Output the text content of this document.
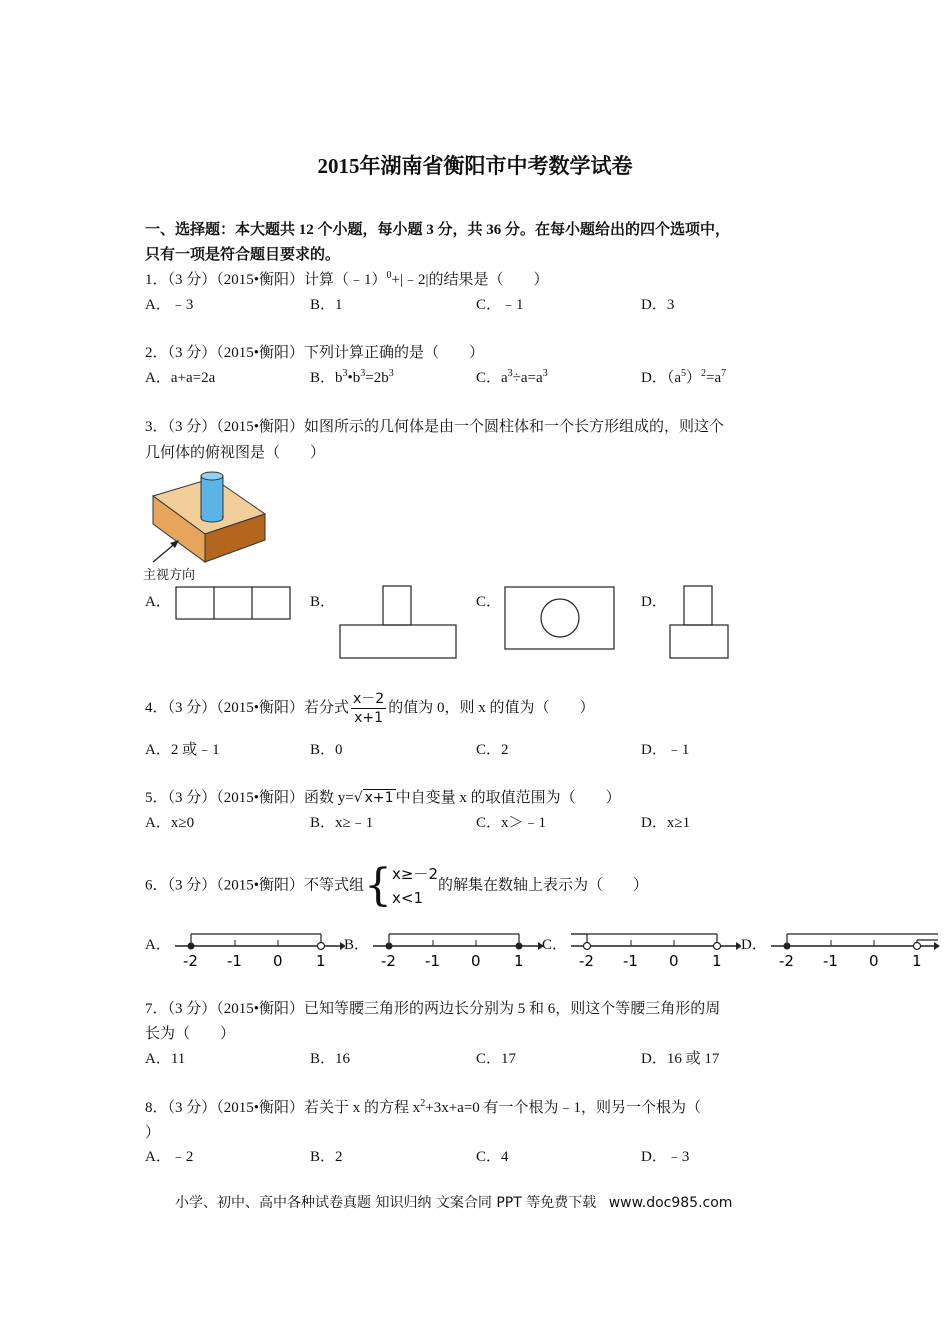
2015年湖南省衡阳市中考数学试卷
一、选择题：本大题共 12 个小题，每小题 3 分，共 36 分。在每小题给出的四个选项中，
只有一项是符合题目要求的。
1．（3 分）（2015•衡阳）计算（﹣1）$^0$+|﹣2|的结果是（　　）
A．﹣3	B．1	C．﹣1	D．3
2．（3 分）（2015•衡阳）下列计算正确的是（　　）
A．a+a=2a	B．$b^3•b^3=2b^3$	C．$a^3\div a=a^3$	D．$(a^5)^2=a^7$
3．（3 分）（2015•衡阳）如图所示的几何体是由一个圆柱体和一个长方形组成的，则这个
几何体的俯视图是（　　）
主视方向
A．	B．	C．	D．
4．（3 分）（2015•衡阳）若分式 $\frac{x-2}{x+1}$ 的值为 0，则 x 的值为（　　）
A．2 或﹣1	B．0	C．2	D．﹣1
5．（3 分）（2015•衡阳）函数 y=√ x+1 中自变量 x 的取值范围为（　　）
A．x≥0	B．x≥﹣1	C．x＞﹣1	D．x≥1
6．（3 分）（2015•衡阳）不等式组{ x≥－2
x<1
的解集在数轴上表示为（　　）
A．
-2 -1 0 1
B．
-2 -1 0 1
C．
-2 -1 0 1
D．
-2 -1 0 1
7．（3 分）（2015•衡阳）已知等腰三角形的两边长分别为 5 和 6，则这个等腰三角形的周
长为（　　）
A．11	B．16	C．17	D．16 或 17
8．（3 分）（2015•衡阳）若关于 x 的方程 $x^2+3x+a=0$ 有一个根为﹣1，则另一个根为（
）
A．﹣2	B．2	C．4	D．﹣3
小学、初中、高中各种试卷真题 知识归纳 文案合同 PPT 等免费下载 www.doc985.com
